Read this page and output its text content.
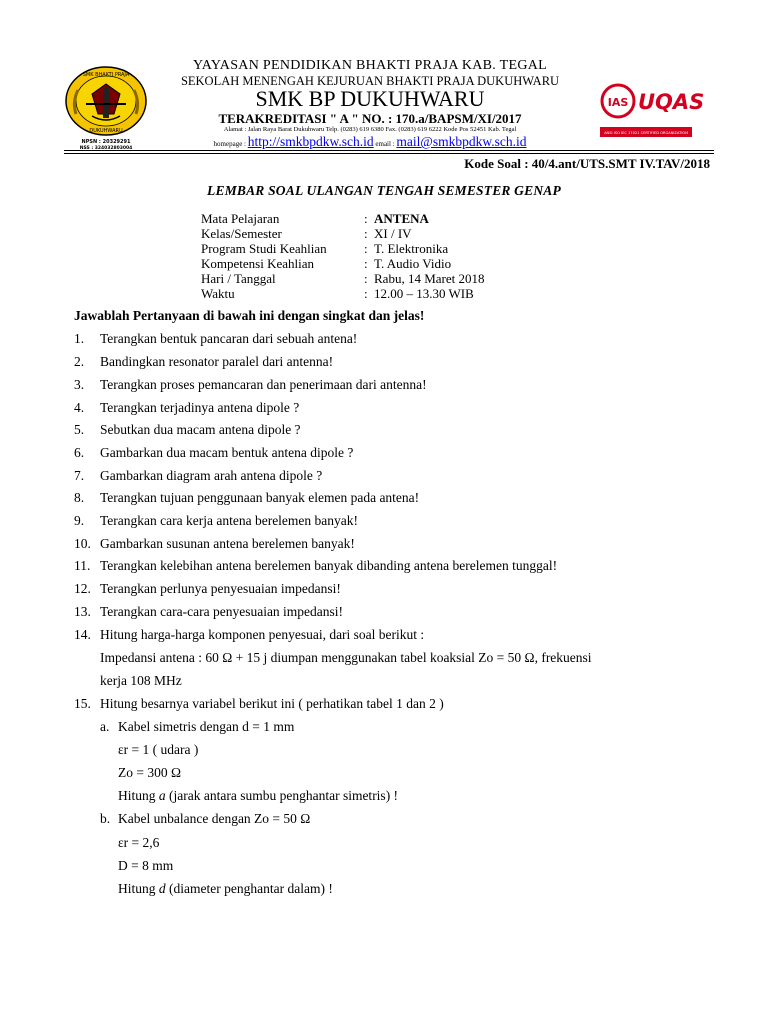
SMK BHAKTI PRAJA
DUKUHWARU
NPSN : 20329291
NSS : 324032803004
IAS UQAS
ANSI ISO IEC 17021 CERTIFIED ORGANIZATION
YAYASAN PENDIDIKAN BHAKTI PRAJA KAB. TEGAL
SEKOLAH MENENGAH KEJURUAN BHAKTI PRAJA DUKUHWARU
SMK BP DUKUHWARU
TERAKREDITASI " A " NO. : 170.a/BAPSM/XI/2017
Alamat : Jalan Raya Barat Dukuhwaru Telp. (0283) 619 6380 Fax. (0283) 619 6222 Kode Pos 52451 Kab. Tegal
homepage : http://smkbpdkw.sch.id email : mail@smkbpdkw.sch.id
Kode Soal : 40/4.ant/UTS.SMT IV.TAV/2018
LEMBAR SOAL ULANGAN TENGAH SEMESTER GENAP
Mata Pelajaran	: ANTENA
Kelas/Semester	: XI / IV
Program Studi Keahlian	: T. Elektronika
Kompetensi Keahlian	: T. Audio Vidio
Hari / Tanggal	: Rabu, 14 Maret 2018
Waktu	: 12.00 – 13.30 WIB
Jawablah Pertanyaan di bawah ini dengan singkat dan jelas!
1. Terangkan bentuk pancaran dari sebuah antena!
2. Bandingkan resonator paralel dari antenna!
3. Terangkan proses pemancaran dan penerimaan dari antenna!
4. Terangkan terjadinya antena dipole ?
5. Sebutkan dua macam antena dipole ?
6. Gambarkan dua macam bentuk antena dipole ?
7. Gambarkan diagram arah antena dipole ?
8. Terangkan tujuan penggunaan banyak elemen pada antena!
9. Terangkan cara kerja antena berelemen banyak!
10. Gambarkan susunan antena berelemen banyak!
11. Terangkan kelebihan antena berelemen banyak dibanding antena berelemen tunggal!
12. Terangkan perlunya penyesuaian impedansi!
13. Terangkan cara-cara penyesuaian impedansi!
14. Hitung harga-harga komponen penyesuai, dari soal berikut :
Impedansi antena : 60 Ω + 15 j diumpan menggunakan tabel koaksial Zo = 50 Ω, frekuensi
kerja 108 MHz
15. Hitung besarnya variabel berikut ini ( perhatikan tabel 1 dan 2 )
a. Kabel simetris dengan d = 1 mm
εr = 1 ( udara )
Zo = 300 Ω
Hitung a (jarak antara sumbu penghantar simetris) !
b. Kabel unbalance dengan Zo = 50 Ω
εr = 2,6
D = 8 mm
Hitung d (diameter penghantar dalam) !
